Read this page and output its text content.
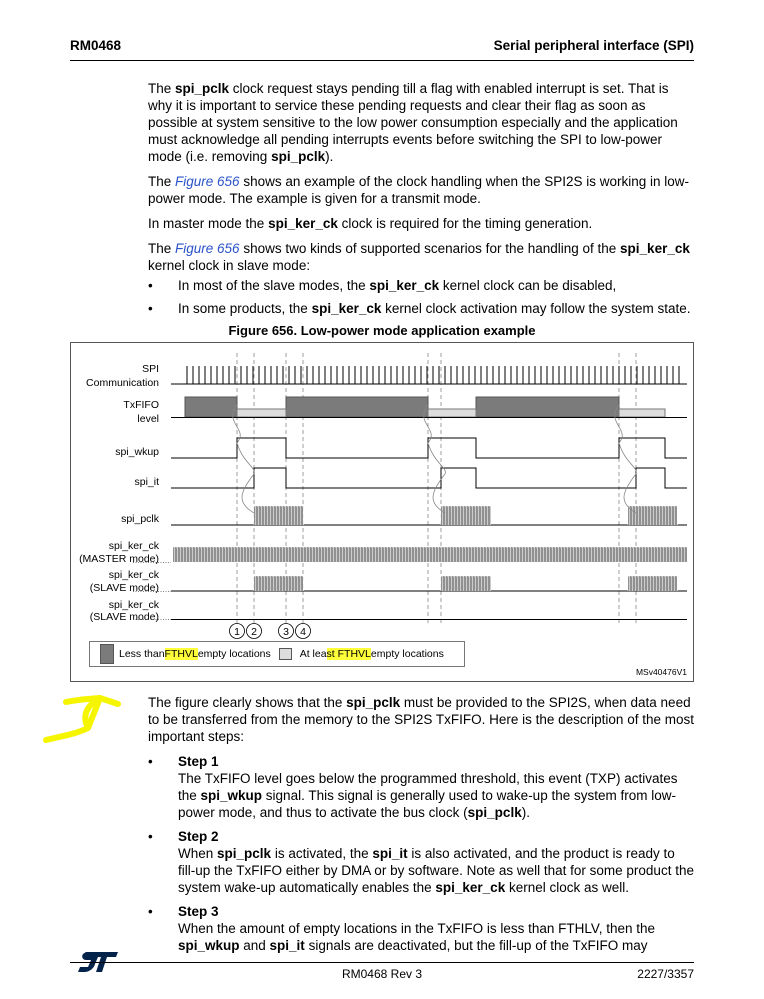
RM0468	Serial peripheral interface (SPI)

The spi_pclk clock request stays pending till a flag with enabled interrupt is set. That is why it is important to service these pending requests and clear their flag as soon as possible at system sensitive to the low power consumption especially and the application must acknowledge all pending interrupts events before switching the SPI to low-power mode (i.e. removing spi_pclk).

The Figure 656 shows an example of the clock handling when the SPI2S is working in low-power mode. The example is given for a transmit mode.

In master mode the spi_ker_ck clock is required for the timing generation.

The Figure 656 shows two kinds of supported scenarios for the handling of the spi_ker_ck kernel clock in slave mode:

• In most of the slave modes, the spi_ker_ck kernel clock can be disabled,
• In some products, the spi_ker_ck kernel clock activation may follow the system state.
Figure 656. Low-power mode application example
SPI
Communication
TxFIFO
level
spi_wkup
spi_it
spi_pclk
spi_ker_ck
(MASTER mode)
spi_ker_ck
(SLAVE mode)
spi_ker_ck
(SLAVE mode)
1 2 3 4
Less than FTHVL empty locations
	At lea st FTHVL empty locations
MSv40476V1

The figure clearly shows that the spi_pclk must be provided to the SPI2S, when data need to be transferred from the memory to the SPI2S TxFIFO. Here is the description of the most important steps:

• Step 1
The TxFIFO level goes below the programmed threshold, this event (TXP) activates the spi_wkup signal. This signal is generally used to wake-up the system from low-power mode, and thus to activate the bus clock (spi_pclk).
• Step 2
When spi_pclk is activated, the spi_it is also activated, and the product is ready to fill-up the TxFIFO either by DMA or by software. Note as well that for some product the system wake-up automatically enables the spi_ker_ck kernel clock as well.
• Step 3
When the amount of empty locations in the TxFIFO is less than FTHLV, then the spi_wkup and spi_it signals are deactivated, but the fill-up of the TxFIFO may
RM0468 Rev 3	2227/3357
